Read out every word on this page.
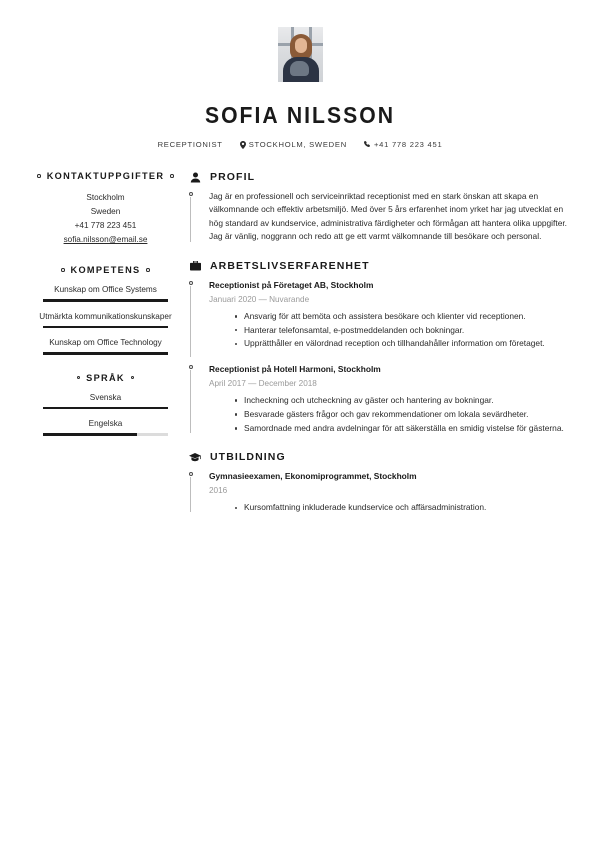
SOFIA NILSSON
RECEPTIONIST	STOCKHOLM, SWEDEN	+41 778 223 451
KONTAKTUPPGIFTER
Stockholm
Sweden
+41 778 223 451
sofia.nilsson@email.se
KOMPETENS
Kunskap om Office Systems
Utmärkta kommunikationskunskaper
Kunskap om Office Technology
SPRÅK
Svenska
Engelska
PROFIL
Jag är en professionell och serviceinriktad receptionist med en stark önskan att skapa en välkomnande och effektiv arbetsmiljö. Med över 5 års erfarenhet inom yrket har jag utvecklat en hög standard av kundservice, administrativa färdigheter och förmågan att hantera olika uppgifter. Jag är vänlig, noggrann och redo att ge ett varmt välkomnande till besökare och personal.
ARBETSLIVSERFARENHET
Receptionist på Företaget AB, Stockholm
Januari 2020 — Nuvarande
Ansvarig för att bemöta och assistera besökare och klienter vid receptionen.
Hanterar telefonsamtal, e-postmeddelanden och bokningar.
Upprätthåller en välordnad reception och tillhandahåller information om företaget.
Receptionist på Hotell Harmoni, Stockholm
April 2017 — December 2018
Incheckning och utcheckning av gäster och hantering av bokningar.
Besvarade gästers frågor och gav rekommendationer om lokala sevärdheter.
Samordnade med andra avdelningar för att säkerställa en smidig vistelse för gästerna.
UTBILDNING
Gymnasieexamen, Ekonomiprogrammet, Stockholm
2016
Kursomfattning inkluderade kundservice och affärsadministration.
